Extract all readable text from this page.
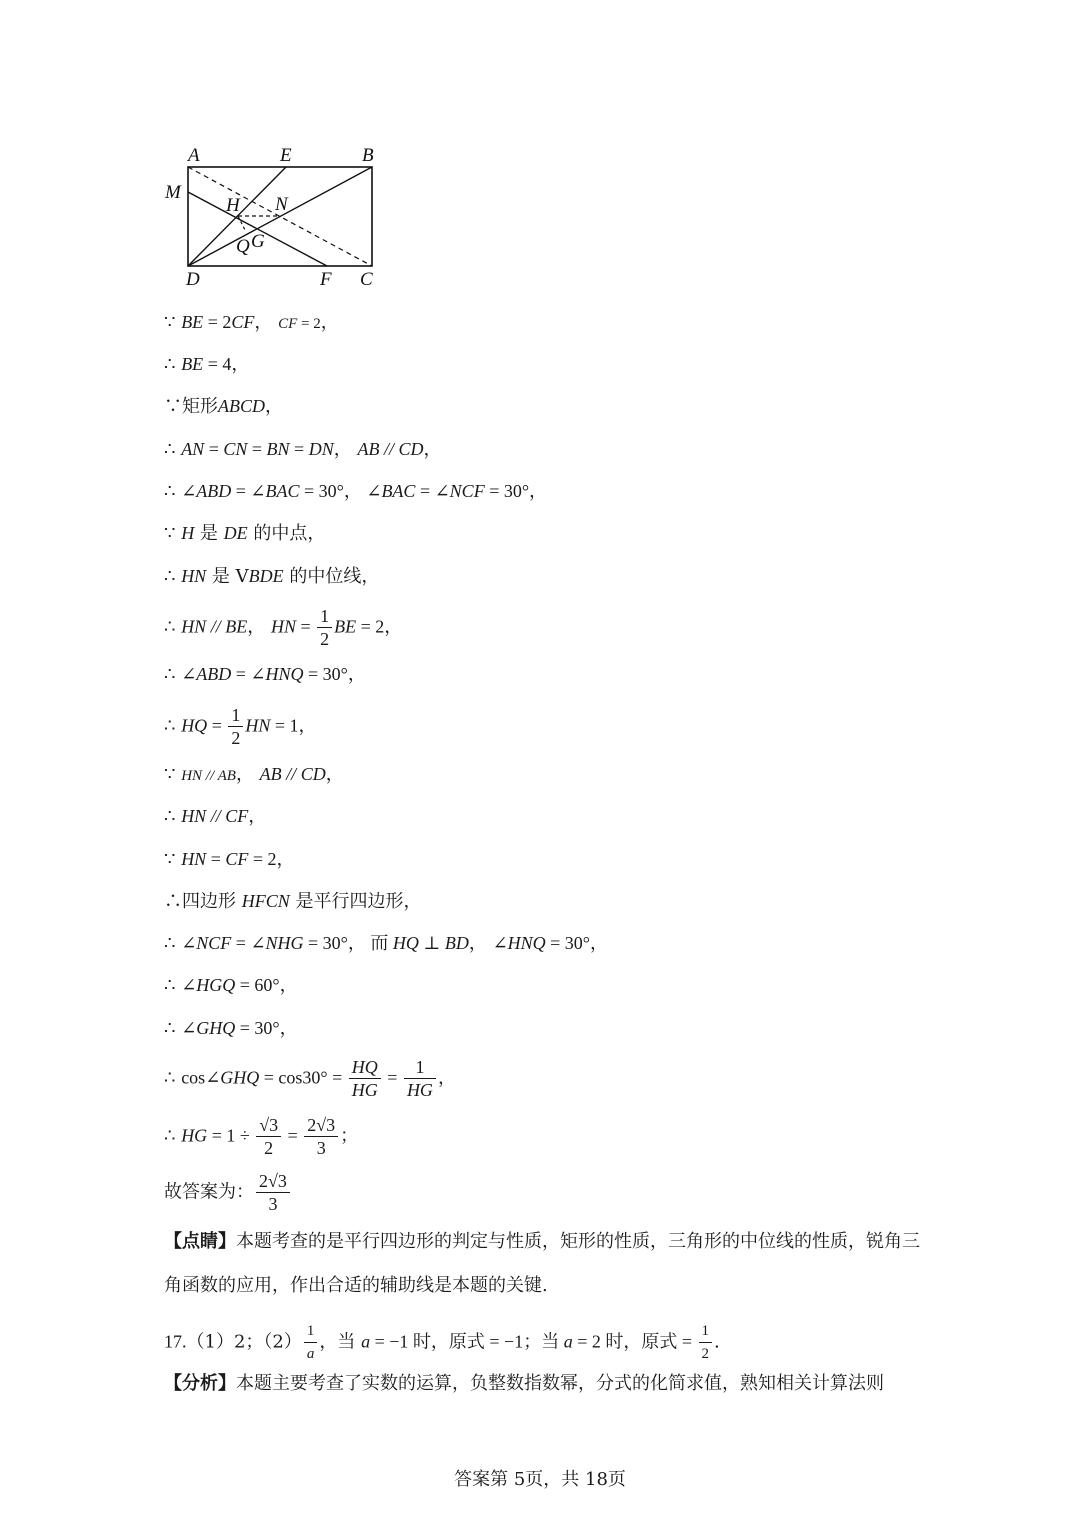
A	E	B
M
H N
Q G
D	F C
∵ BE = 2CF， CF = 2，
∴ BE = 4，
∵矩形ABCD，
∴ AN = CN = BN = DN， AB // CD，
∴ ∠ABD = ∠BAC = 30°， ∠BAC = ∠NCF = 30°，
∵ H 是 DE 的中点，
∴ HN 是 VBDE 的中位线，
∴ HN // BE， HN = $\frac{1}{2}$ BE = 2，
∴ ∠ABD = ∠HNQ = 30°，
∴ HQ = $\frac{1}{2}$ HN = 1，
∵ HN // AB， AB // CD，
∴ HN // CF，
∵ HN = CF = 2，
∴四边形 HFCN 是平行四边形，
∴ ∠NCF = ∠NHG = 30°， 而 HQ ⊥ BD， ∠HNQ = 30°，
∴ ∠HGQ = 60°，
∴ ∠GHQ = 30°，
∴ cos∠GHQ = $\cos 30^\circ = \frac{HQ}{HG} = \frac{1}{HG}$ ，
∴ HG = $1 \div \frac{√3}{2} = \frac{2√3}{3}$ ；
故答案为： $\frac{2√3}{3}$
【点睛】本题考查的是平行四边形的判定与性质，矩形的性质，三角形的中位线的性质，锐角三角函数的应用，作出合适的辅助线是本题的关键.
17.（1）2；$(2) \frac{1}{a}$ ，当 a = −1 时，原式 = −1；当 a = 2 时，原式 = $\frac{1}{2}$ .
【分析】本题主要考查了实数的运算，负整数指数幂，分式的化简求值，熟知相关计算法则
答案第 5页，共 18页
